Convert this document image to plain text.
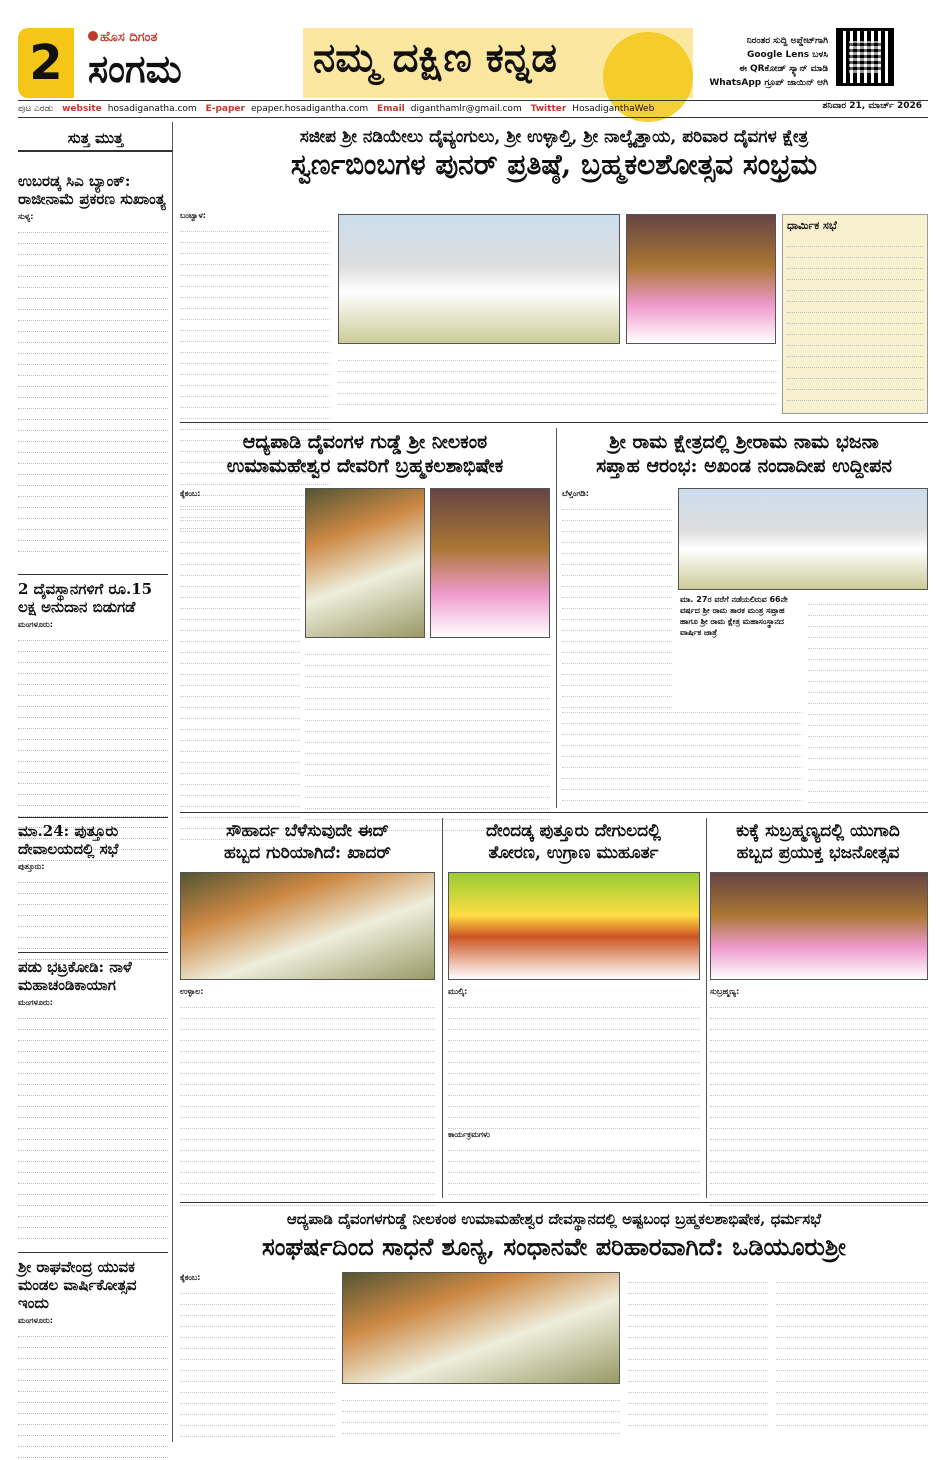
2	ಹೊಸ ದಿಗಂತ
ಸಂಗಮ	ನಮ್ಮ ದಕ್ಷಿಣ ಕನ್ನಡ	ನಿರಂತರ ಸುದ್ದಿ ಅಪ್ಡೇಟ್‌ಗಾಗಿ
Google Lens ಬಳಸಿ
ಈ QRಕೋಡ್ ಸ್ಕ್ಯಾನ್ ಮಾಡಿ
WhatsApp ಗ್ರೂಪ್ ಜಾಯಿನ್ ಆಗಿ
ಪುಟ ಎರಡು website hosadiganatha.com E-paper epaper.hosadigantha.com Email diganthamlr@gmail.com Twitter HosadiganthaWeb	ಶನಿವಾರ 21, ಮಾರ್ಚ್ 2026
ಸುತ್ತ ಮುತ್ತ
ಉಬರಡ್ಕ ಸಿಎ ಬ್ಯಾಂಕ್: ರಾಜೀನಾಮೆ ಪ್ರಕರಣ ಸುಖಾಂತ್ಯ
ಸುಳ್ಯ:
2 ದೈವಸ್ಥಾನಗಳಿಗೆ ರೂ.15 ಲಕ್ಷ ಅನುದಾನ ಬಿಡುಗಡೆ
ಮಂಗಳೂರು:
ಮಾ.24: ಪುತ್ತೂರು ದೇವಾಲಯದಲ್ಲಿ ಸಭೆ
ಪುತ್ತೂರು:
ಪಡು ಭಟ್ರಕೋಡಿ: ನಾಳೆ ಮಹಾಚಂಡಿಕಾಯಾಗ
ಮಂಗಳೂರು:
ಶ್ರೀ ರಾಘವೇಂದ್ರ ಯುವಕ ಮಂಡಲ ವಾರ್ಷಿಕೋತ್ಸವ ಇಂದು
ಮಂಗಳೂರು:
ಸಜೀಪ ಶ್ರೀ ನಡಿಯೇಲು ದೈವ್ಯಂಗುಲು, ಶ್ರೀ ಉಳ್ಳಾಲ್ತಿ, ಶ್ರೀ ನಾಲ್ಕೈತ್ತಾಯ, ಪರಿವಾರ ದೈವಗಳ ಕ್ಷೇತ್ರ
ಸ್ವರ್ಣಬಿಂಬಗಳ ಪುನರ್ ಪ್ರತಿಷ್ಠೆ, ಬ್ರಹ್ಮಕಲಶೋತ್ಸವ ಸಂಭ್ರಮ
ಬಂಟ್ವಾಳ:
ಧಾರ್ಮಿಕ ಸಭೆ
ಆದ್ಯಪಾಡಿ ದೈವಂಗಳ ಗುಡ್ಡೆ ಶ್ರೀ ನೀಲಕಂಠ
ಉಮಾಮಹೇಶ್ವರ ದೇವರಿಗೆ ಬ್ರಹ್ಮಕಲಶಾಭಿಷೇಕ
ಕೈಕಂಬ:
ಶ್ರೀ ರಾಮ ಕ್ಷೇತ್ರದಲ್ಲಿ ಶ್ರೀರಾಮ ನಾಮ ಭಜನಾ
ಸಪ್ತಾಹ ಆರಂಭ: ಅಖಂಡ ನಂದಾದೀಪ ಉದ್ದೀಪನ
ಬೆಳ್ತಂಗಡಿ:
ಮಾ. 27ರ ವರೆಗೆ ನಡೆಯಲಿರುವ 66ನೇ ವರ್ಷದ ಶ್ರೀ ರಾಮ ತಾರಕ ಮಂತ್ರ ಸಪ್ತಾಹ ಹಾಗೂ ಶ್ರೀ ರಾಮ ಕ್ಷೇತ್ರ ಮಹಾಸಂಸ್ಥಾನದ ವಾರ್ಷಿಕ ಜಾತ್ರೆ
ಸೌಹಾರ್ದ ಬೆಳೆಸುವುದೇ ಈದ್
ಹಬ್ಬದ ಗುರಿಯಾಗಿದೆ: ಖಾದರ್
ಉಳ್ಳಾಲ:
ದೇಂದಡ್ಕ ಪುತ್ತೂರು ದೇಗುಲದಲ್ಲಿ
ತೋರಣ, ಉಗ್ರಾಣ ಮುಹೂರ್ತ
ಮುಲ್ಕಿ:
ಕಾರ್ಯಕ್ರಮಗಳು
ಕುಕ್ಕೆ ಸುಬ್ರಹ್ಮಣ್ಯದಲ್ಲಿ ಯುಗಾದಿ
ಹಬ್ಬದ ಪ್ರಯುಕ್ತ ಭಜನೋತ್ಸವ
ಸುಬ್ರಹ್ಮಣ್ಯ:
ಆದ್ಯಪಾಡಿ ದೈವಂಗಳಗುಡ್ಡೆ ನೀಲಕಂಠ ಉಮಾಮಹೇಶ್ವರ ದೇವಸ್ಥಾನದಲ್ಲಿ ಅಷ್ಟಬಂಧ ಬ್ರಹ್ಮಕಲಶಾಭಿಷೇಕ, ಧರ್ಮಸಭೆ
ಸಂಘರ್ಷದಿಂದ ಸಾಧನೆ ಶೂನ್ಯ, ಸಂಧಾನವೇ ಪರಿಹಾರವಾಗಿದೆ: ಒಡಿಯೂರುಶ್ರೀ
ಕೈಕಂಬ:
